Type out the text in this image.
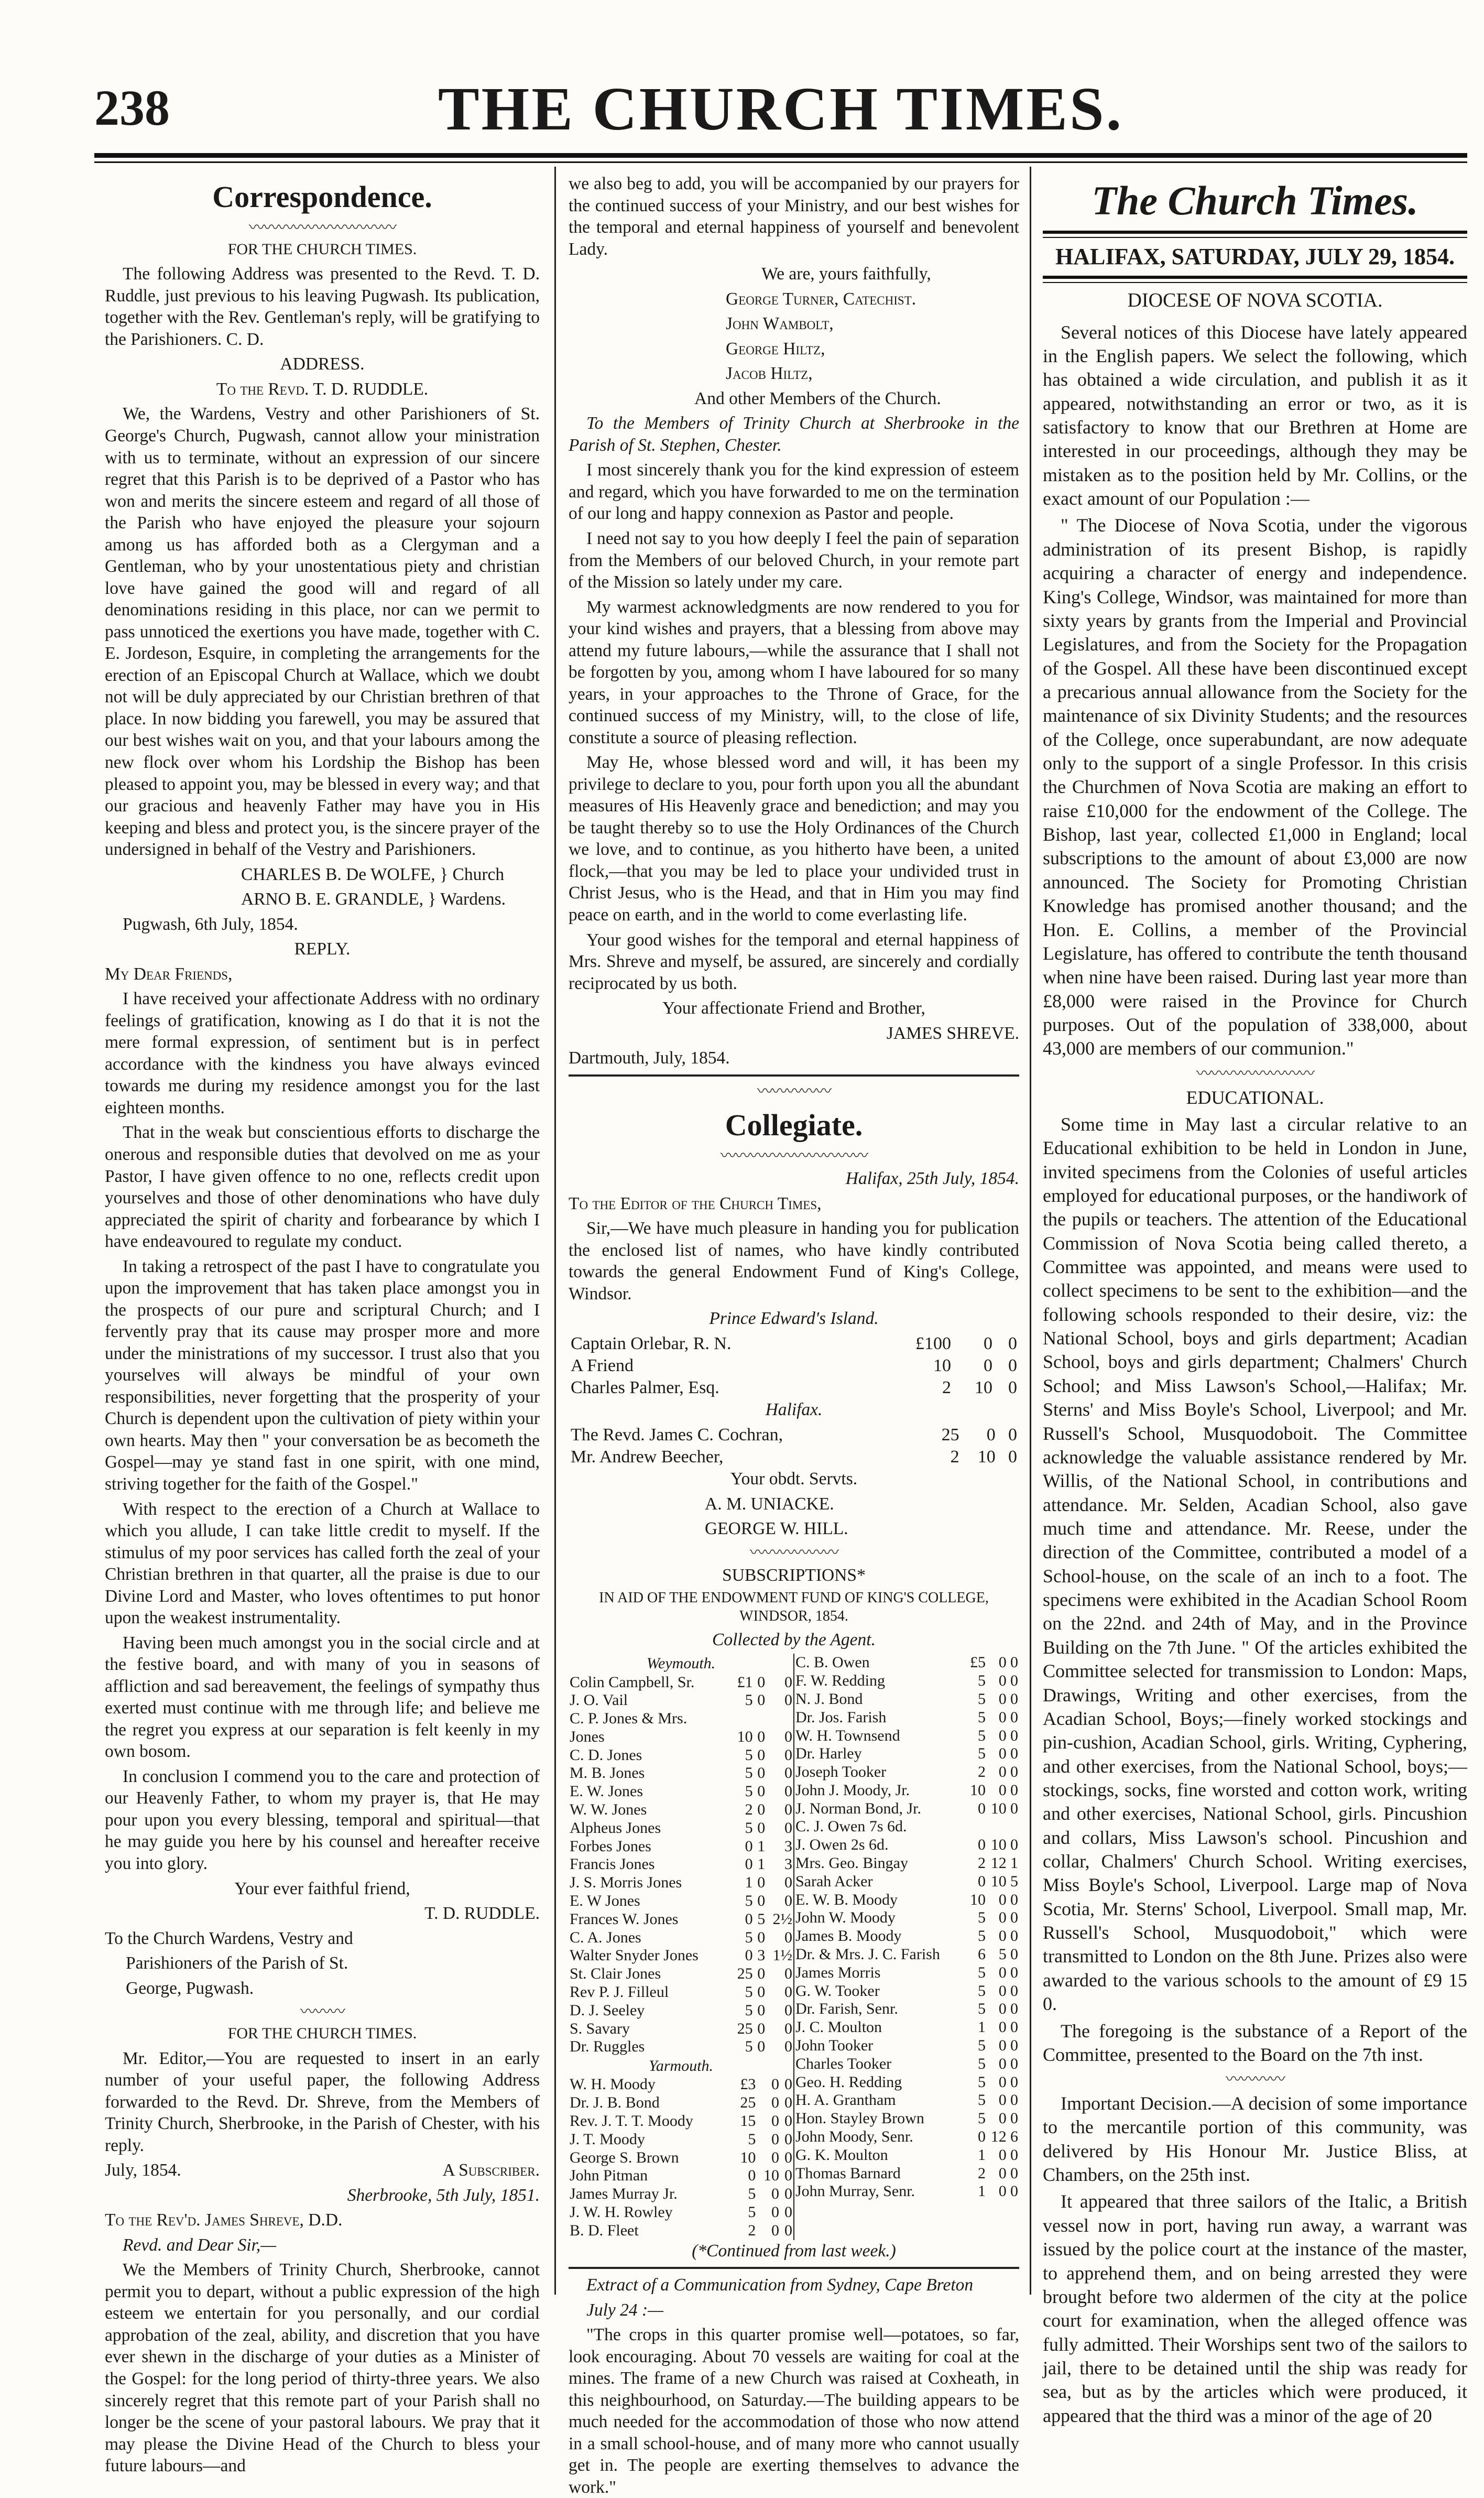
238	THE CHURCH TIMES.
Correspondence.
〰〰〰〰〰〰〰〰〰〰
FOR THE CHURCH TIMES.

The following Address was presented to the Revd. T. D. Ruddle, just previous to his leaving Pugwash. Its publication, together with the Rev. Gentleman's reply, will be gratifying to the Parishioners. C. D.

ADDRESS.

To the Revd. T. D. RUDDLE.

We, the Wardens, Vestry and other Parishioners of St. George's Church, Pugwash, cannot allow your ministration with us to terminate, without an expression of our sincere regret that this Parish is to be deprived of a Pastor who has won and merits the sincere esteem and regard of all those of the Parish who have enjoyed the pleasure your sojourn among us has afforded both as a Clergyman and a Gentleman, who by your unostentatious piety and christian love have gained the good will and regard of all denominations residing in this place, nor can we permit to pass unnoticed the exertions you have made, together with C. E. Jordeson, Esquire, in completing the arrangements for the erection of an Episcopal Church at Wallace, which we doubt not will be duly appreciated by our Christian brethren of that place. In now bidding you farewell, you may be assured that our best wishes wait on you, and that your labours among the new flock over whom his Lordship the Bishop has been pleased to appoint you, may be blessed in every way; and that our gracious and heavenly Father may have you in His keeping and bless and protect you, is the sincere prayer of the undersigned in behalf of the Vestry and Parishioners.

CHARLES B. De WOLFE, } Church

ARNO B. E. GRANDLE, } Wardens.

Pugwash, 6th July, 1854.

REPLY.

My Dear Friends,

I have received your affectionate Address with no ordinary feelings of gratification, knowing as I do that it is not the mere formal expression, of sentiment but is in perfect accordance with the kindness you have always evinced towards me during my residence amongst you for the last eighteen months.

That in the weak but conscientious efforts to discharge the onerous and responsible duties that devolved on me as your Pastor, I have given offence to no one, reflects credit upon yourselves and those of other denominations who have duly appreciated the spirit of charity and forbearance by which I have endeavoured to regulate my conduct.

In taking a retrospect of the past I have to congratulate you upon the improvement that has taken place amongst you in the prospects of our pure and scriptural Church; and I fervently pray that its cause may prosper more and more under the ministrations of my successor. I trust also that you yourselves will always be mindful of your own responsibilities, never forgetting that the prosperity of your Church is dependent upon the cultivation of piety within your own hearts. May then " your conversation be as becometh the Gospel—may ye stand fast in one spirit, with one mind, striving together for the faith of the Gospel."

With respect to the erection of a Church at Wallace to which you allude, I can take little credit to myself. If the stimulus of my poor services has called forth the zeal of your Christian brethren in that quarter, all the praise is due to our Divine Lord and Master, who loves oftentimes to put honor upon the weakest instrumentality.

Having been much amongst you in the social circle and at the festive board, and with many of you in seasons of affliction and sad bereavement, the feelings of sympathy thus exerted must continue with me through life; and believe me the regret you express at our separation is felt keenly in my own bosom.

In conclusion I commend you to the care and protection of our Heavenly Father, to whom my prayer is, that He may pour upon you every blessing, temporal and spiritual—that he may guide you here by his counsel and hereafter receive you into glory.

Your ever faithful friend,

T. D. RUDDLE.

To the Church Wardens, Vestry and

Parishioners of the Parish of St.

George, Pugwash.

〰〰〰
FOR THE CHURCH TIMES.

Mr. Editor,—You are requested to insert in an early number of your useful paper, the following Address forwarded to the Revd. Dr. Shreve, from the Members of Trinity Church, Sherbrooke, in the Parish of Chester, with his reply.

July, 1854.	A Subscriber.

Sherbrooke, 5th July, 1851.

To the Rev'd. James Shreve, D.D.

Revd. and Dear Sir,—

We the Members of Trinity Church, Sherbrooke, cannot permit you to depart, without a public expression of the high esteem we entertain for you personally, and our cordial approbation of the zeal, ability, and discretion that you have ever shewn in the discharge of your duties as a Minister of the Gospel: for the long period of thirty-three years. We also sincerely regret that this remote part of your Parish shall no longer be the scene of your pastoral labours. We pray that it may please the Divine Head of the Church to bless your future labours—and

we also beg to add, you will be accompanied by our prayers for the continued success of your Ministry, and our best wishes for the temporal and eternal happiness of yourself and benevolent Lady.

We are, yours faithfully,

George Turner, Catechist.

John Wambolt,

George Hiltz,

Jacob Hiltz,

And other Members of the Church.

To the Members of Trinity Church at Sherbrooke in the Parish of St. Stephen, Chester.

I most sincerely thank you for the kind expression of esteem and regard, which you have forwarded to me on the termination of our long and happy connexion as Pastor and people.

I need not say to you how deeply I feel the pain of separation from the Members of our beloved Church, in your remote part of the Mission so lately under my care.

My warmest acknowledgments are now rendered to you for your kind wishes and prayers, that a blessing from above may attend my future labours,—while the assurance that I shall not be forgotten by you, among whom I have laboured for so many years, in your approaches to the Throne of Grace, for the continued success of my Ministry, will, to the close of life, constitute a source of pleasing reflection.

May He, whose blessed word and will, it has been my privilege to declare to you, pour forth upon you all the abundant measures of His Heavenly grace and benediction; and may you be taught thereby so to use the Holy Ordinances of the Church we love, and to continue, as you hitherto have been, a united flock,—that you may be led to place your undivided trust in Christ Jesus, who is the Head, and that in Him you may find peace on earth, and in the world to come everlasting life.

Your good wishes for the temporal and eternal happiness of Mrs. Shreve and myself, be assured, are sincerely and cordially reciprocated by us both.

Your affectionate Friend and Brother,

JAMES SHREVE.

Dartmouth, July, 1854.

〰〰〰〰〰
Collegiate.
〰〰〰〰〰〰〰〰〰〰

Halifax, 25th July, 1854.

To the Editor of the Church Times,

Sir,—We have much pleasure in handing you for publication the enclosed list of names, who have kindly contributed towards the general Endowment Fund of King's College, Windsor.

Prince Edward's Island.

Captain Orlebar, R. N.	£100	0	0
A Friend	10	0	0
Charles Palmer, Esq.	2	10	0

Halifax.

The Revd. James C. Cochran,	25	0	0
Mr. Andrew Beecher,	2	10	0

Your obdt. Servts.

A. M. UNIACKE.

GEORGE W. HILL.

〰〰〰〰〰〰

SUBSCRIPTIONS*

IN AID OF THE ENDOWMENT FUND OF KING'S COLLEGE, WINDSOR, 1854.

Collected by the Agent.

Weymouth.

Colin Campbell, Sr.	£1	0	0
J. O. Vail	5	0	0
C. P. Jones & Mrs.			
Jones	10	0	0
C. D. Jones	5	0	0
M. B. Jones	5	0	0
E. W. Jones	5	0	0
W. W. Jones	2	0	0
Alpheus Jones	5	0	0
Forbes Jones	0	1	3
Francis Jones	0	1	3
J. S. Morris Jones	1	0	0
E. W Jones	5	0	0
Frances W. Jones	0	5	2½
C. A. Jones	5	0	0
Walter Snyder Jones	0	3	1½
St. Clair Jones	25	0	0
Rev P. J. Filleul	5	0	0
D. J. Seeley	5	0	0
S. Savary	25	0	0
Dr. Ruggles	5	0	0

Yarmouth.

W. H. Moody	£3	0	0
Dr. J. B. Bond	25	0	0
Rev. J. T. T. Moody	15	0	0
J. T. Moody	5	0	0
George S. Brown	10	0	0
John Pitman	0	10	0
James Murray Jr.	5	0	0
J. W. H. Rowley	5	0	0
B. D. Fleet	2	0	0
C. B. Owen	£5	0	0
F. W. Redding	5	0	0
N. J. Bond	5	0	0
Dr. Jos. Farish	5	0	0
W. H. Townsend	5	0	0
Dr. Harley	5	0	0
Joseph Tooker	2	0	0
John J. Moody, Jr.	10	0	0
J. Norman Bond, Jr.	0	10	0
C. J. Owen 7s 6d.			
J. Owen 2s 6d.	0	10	0
Mrs. Geo. Bingay	2	12	1
Sarah Acker	0	10	5
E. W. B. Moody	10	0	0
John W. Moody	5	0	0
James B. Moody	5	0	0
Dr. & Mrs. J. C. Farish	6	5	0
James Morris	5	0	0
G. W. Tooker	5	0	0
Dr. Farish, Senr.	5	0	0
J. C. Moulton	1	0	0
John Tooker	5	0	0
Charles Tooker	5	0	0
Geo. H. Redding	5	0	0
H. A. Grantham	5	0	0
Hon. Stayley Brown	5	0	0
John Moody, Senr.	0	12	6
G. K. Moulton	1	0	0
Thomas Barnard	2	0	0
John Murray, Senr.	1	0	0

(*Continued from last week.)

Extract of a Communication from Sydney, Cape Breton

July 24 :—

"The crops in this quarter promise well—potatoes, so far, look encouraging. About 70 vessels are waiting for coal at the mines. The frame of a new Church was raised at Coxheath, in this neighbourhood, on Saturday.—The building appears to be much needed for the accommodation of those who now attend in a small school-house, and of many more who cannot usually get in. The people are exerting themselves to advance the work."

The Church Times.
HALIFAX, SATURDAY, JULY 29, 1854.
DIOCESE OF NOVA SCOTIA.

Several notices of this Diocese have lately appeared in the English papers. We select the following, which has obtained a wide circulation, and publish it as it appeared, notwithstanding an error or two, as it is satisfactory to know that our Brethren at Home are interested in our proceedings, although they may be mistaken as to the position held by Mr. Collins, or the exact amount of our Population :—

" The Diocese of Nova Scotia, under the vigorous administration of its present Bishop, is rapidly acquiring a character of energy and independence. King's College, Windsor, was maintained for more than sixty years by grants from the Imperial and Provincial Legislatures, and from the Society for the Propagation of the Gospel. All these have been discontinued except a precarious annual allowance from the Society for the maintenance of six Divinity Students; and the resources of the College, once superabundant, are now adequate only to the support of a single Professor. In this crisis the Churchmen of Nova Scotia are making an effort to raise £10,000 for the endowment of the College. The Bishop, last year, collected £1,000 in England; local subscriptions to the amount of about £3,000 are now announced. The Society for Promoting Christian Knowledge has promised another thousand; and the Hon. E. Collins, a member of the Provincial Legislature, has offered to contribute the tenth thousand when nine have been raised. During last year more than £8,000 were raised in the Province for Church purposes. Out of the population of 338,000, about 43,000 are members of our communion."

〰〰〰〰〰〰〰〰

EDUCATIONAL.

Some time in May last a circular relative to an Educational exhibition to be held in London in June, invited specimens from the Colonies of useful articles employed for educational purposes, or the handiwork of the pupils or teachers. The attention of the Educational Commission of Nova Scotia being called thereto, a Committee was appointed, and means were used to collect specimens to be sent to the exhibition—and the following schools responded to their desire, viz: the National School, boys and girls department; Acadian School, boys and girls department; Chalmers' Church School; and Miss Lawson's School,—Halifax; Mr. Sterns' and Miss Boyle's School, Liverpool; and Mr. Russell's School, Musquodoboit. The Committee acknowledge the valuable assistance rendered by Mr. Willis, of the National School, in contributions and attendance. Mr. Selden, Acadian School, also gave much time and attendance. Mr. Reese, under the direction of the Committee, contributed a model of a School-house, on the scale of an inch to a foot. The specimens were exhibited in the Acadian School Room on the 22nd. and 24th of May, and in the Province Building on the 7th June. " Of the articles exhibited the Committee selected for transmission to London: Maps, Drawings, Writing and other exercises, from the Acadian School, Boys;—finely worked stockings and pin-cushion, Acadian School, girls. Writing, Cyphering, and other exercises, from the National School, boys;—stockings, socks, fine worsted and cotton work, writing and other exercises, National School, girls. Pincushion and collars, Miss Lawson's school. Pincushion and collar, Chalmers' Church School. Writing exercises, Miss Boyle's School, Liverpool. Large map of Nova Scotia, Mr. Sterns' School, Liverpool. Small map, Mr. Russell's School, Musquodoboit," which were transmitted to London on the 8th June. Prizes also were awarded to the various schools to the amount of £9 15 0.

The foregoing is the substance of a Report of the Committee, presented to the Board on the 7th inst.

〰〰〰〰

Important Decision.—A decision of some importance to the mercantile portion of this community, was delivered by His Honour Mr. Justice Bliss, at Chambers, on the 25th inst.

It appeared that three sailors of the Italic, a British vessel now in port, having run away, a warrant was issued by the police court at the instance of the master, to apprehend them, and on being arrested they were brought before two aldermen of the city at the police court for examination, when the alleged offence was fully admitted. Their Worships sent two of the sailors to jail, there to be detained until the ship was ready for sea, but as by the articles which were produced, it appeared that the third was a minor of the age of 20
